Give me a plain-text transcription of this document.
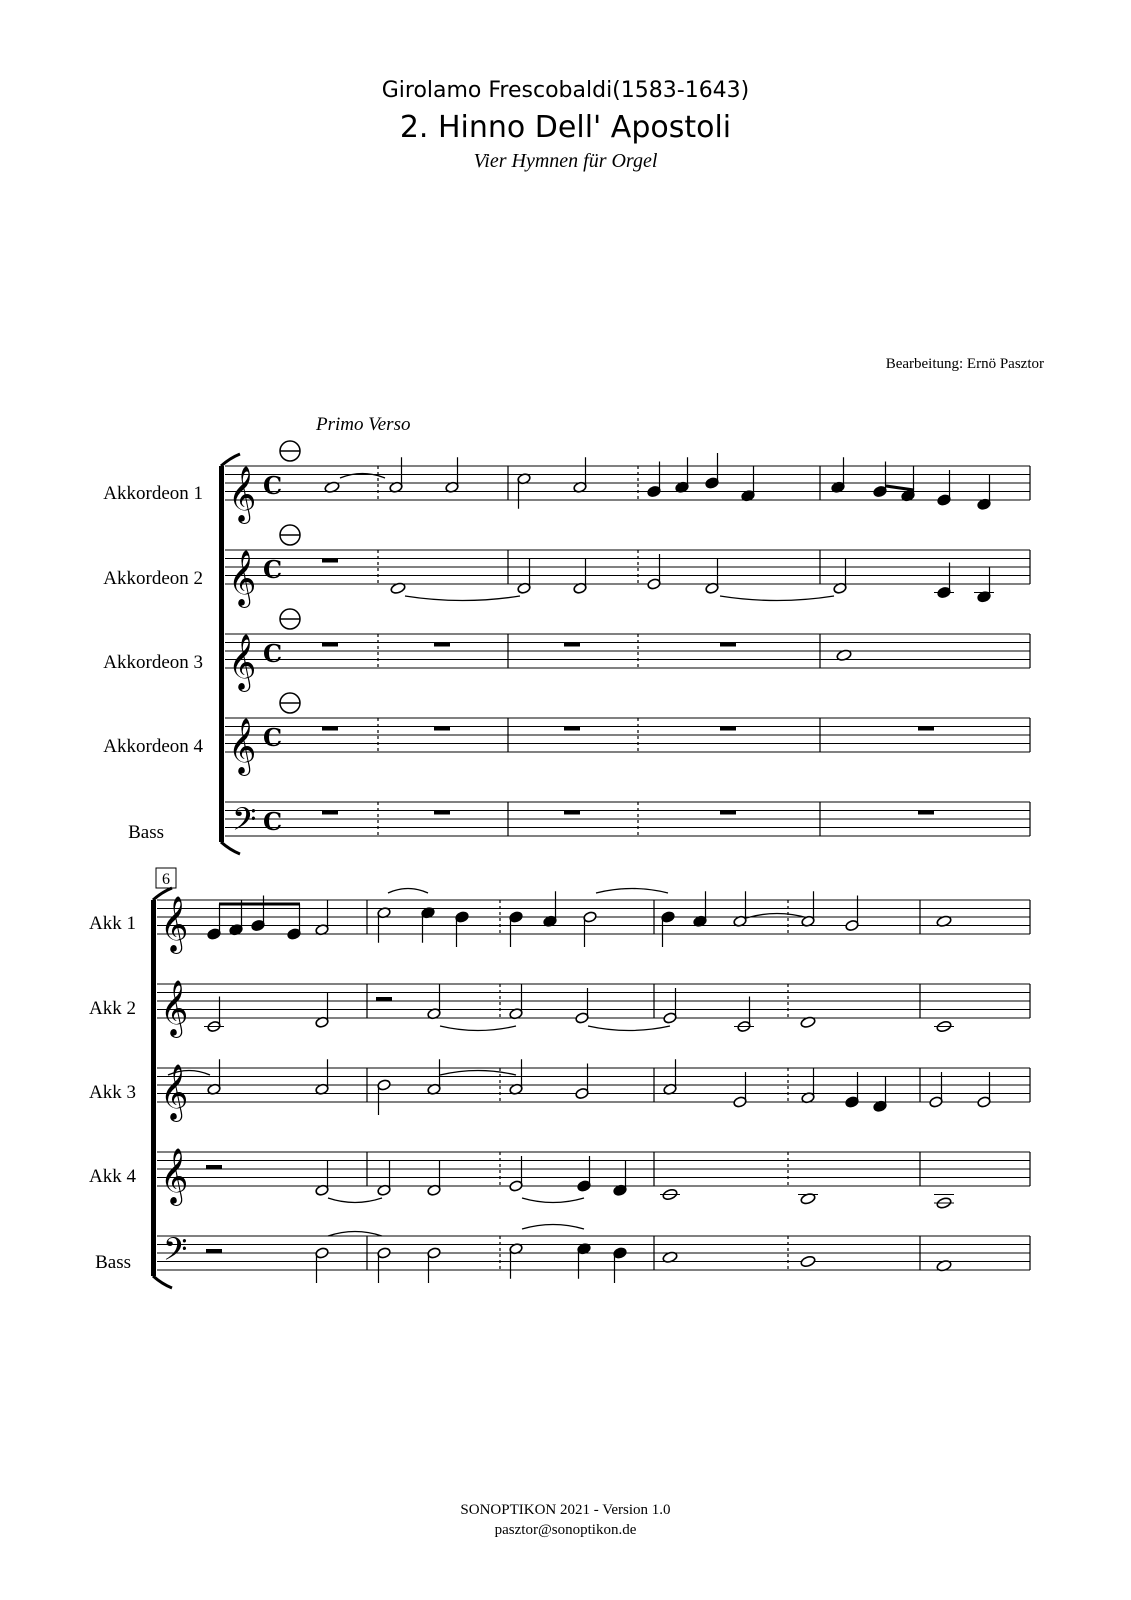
Girolamo Frescobaldi(1583-1643)
2. Hinno Dell' Apostoli
Vier Hymnen für Orgel
Bearbeitung: Ernö Pasztor
Primo Verso
Akkordeon 1
Akkordeon 2
Akkordeon 3
Akkordeon 4
Bass
𝄞
𝄞
𝄞
𝄞
𝄢
C
C
C
C
C
6
Akk 1
Akk 2
Akk 3
Akk 4
Bass
𝄞
𝄞
𝄞
𝄞
𝄢
SONOPTIKON 2021 - Version 1.0
pasztor@sonoptikon.de
